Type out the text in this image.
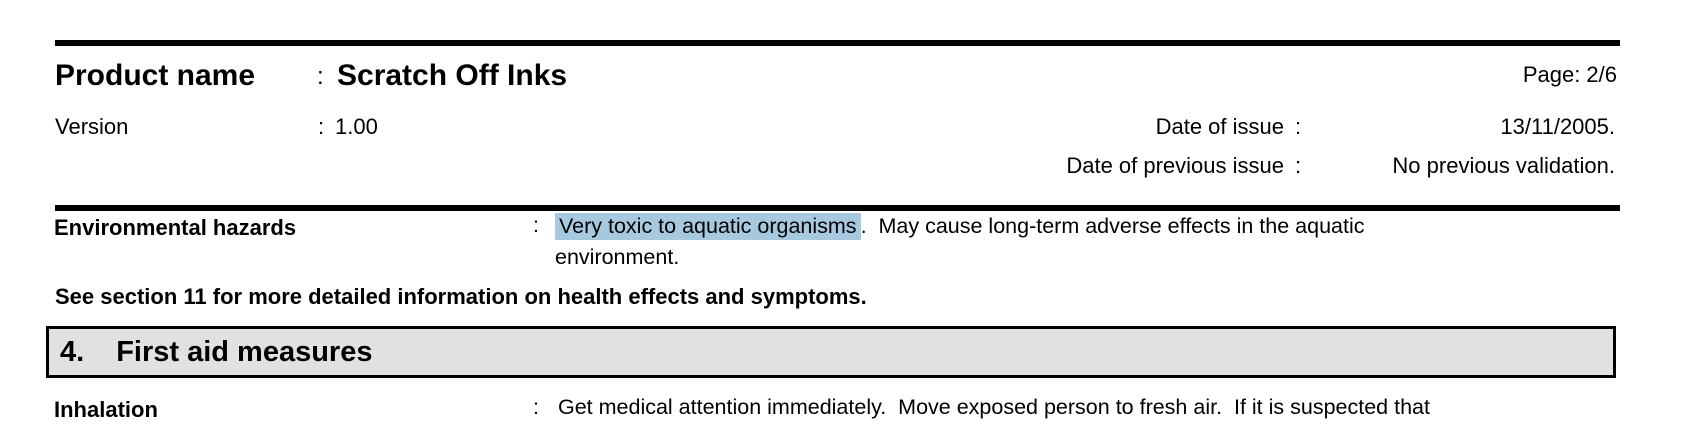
Product name	: Scratch Off Inks	Page: 2/6
Version	: 1.00	Date of issue :	13/11/2005.
Date of previous issue :	No previous validation.
Environmental hazards	: Very toxic to aquatic organisms .  May cause long-term adverse effects in the aquatic
environment.
See section 11 for more detailed information on health effects and symptoms.
4. First aid measures
Inhalation	: Get medical attention immediately.  Move exposed person to fresh air.  If it is suspected that
